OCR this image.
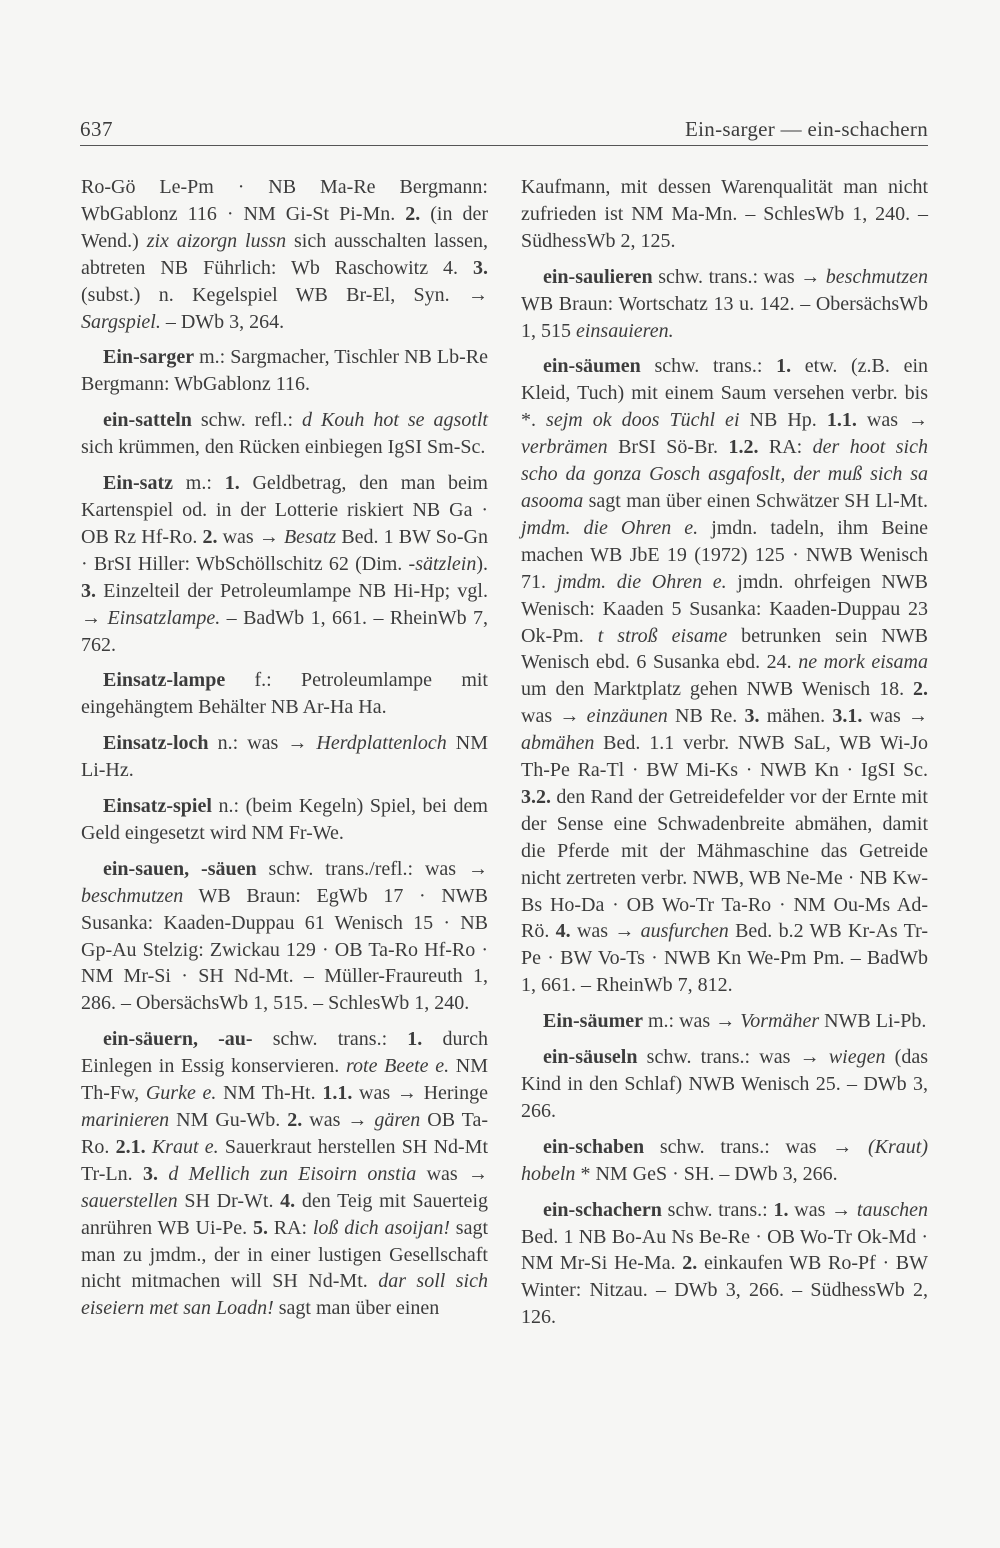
637	Ein-sarger — ein-schachern

Ro-Gö Le-Pm · NB Ma-Re Bergmann: WbGablonz 116 · NM Gi-St Pi-Mn. 2. (in der Wend.) zix aizorgn lussn sich ausschalten lassen, abtreten NB Führlich: Wb Raschowitz 4. 3. (subst.) n. Kegelspiel WB Br-El, Syn. → Sargspiel. – DWb 3, 264.

Ein-sarger m.: Sargmacher, Tischler NB Lb-Re Bergmann: WbGablonz 116.

ein-satteln schw. refl.: d Kouh hot se agsotlt sich krümmen, den Rücken einbiegen IgSI Sm-Sc.

Ein-satz m.: 1. Geldbetrag, den man beim Kartenspiel od. in der Lotterie riskiert NB Ga · OB Rz Hf-Ro. 2. was → Besatz Bed. 1 BW So-Gn · BrSI Hiller: WbSchöllschitz 62 (Dim. -sätzlein). 3. Einzelteil der Petroleumlampe NB Hi-Hp; vgl. → Einsatzlampe. – BadWb 1, 661. – RheinWb 7, 762.

Einsatz-lampe f.: Petroleumlampe mit eingehängtem Behälter NB Ar-Ha Ha.

Einsatz-loch n.: was → Herdplattenloch NM Li-Hz.

Einsatz-spiel n.: (beim Kegeln) Spiel, bei dem Geld eingesetzt wird NM Fr-We.

ein-sauen, -säuen schw. trans./refl.: was → beschmutzen WB Braun: EgWb 17 · NWB Susanka: Kaaden-Duppau 61 Wenisch 15 · NB Gp-Au Stelzig: Zwickau 129 · OB Ta-Ro Hf-Ro · NM Mr-Si · SH Nd-Mt. – Müller-Fraureuth 1, 286. – ObersächsWb 1, 515. – SchlesWb 1, 240.

ein-säuern, -au- schw. trans.: 1. durch Einlegen in Essig konservieren. rote Beete e. NM Th-Fw, Gurke e. NM Th-Ht. 1.1. was → Heringe marinieren NM Gu-Wb. 2. was → gären OB Ta-Ro. 2.1. Kraut e. Sauerkraut herstellen SH Nd-Mt Tr-Ln. 3. d Mellich zun Eisoirn onstia was → sauerstellen SH Dr-Wt. 4. den Teig mit Sauerteig anrühren WB Ui-Pe. 5. RA: loß dich asoijan! sagt man zu jmdm., der in einer lustigen Gesellschaft nicht mitmachen will SH Nd-Mt. dar soll sich eiseiern met san Loadn! sagt man über einen

Kaufmann, mit dessen Warenqualität man nicht zufrieden ist NM Ma-Mn. – SchlesWb 1, 240. – SüdhessWb 2, 125.

ein-saulieren schw. trans.: was → beschmutzen WB Braun: Wortschatz 13 u. 142. – ObersächsWb 1, 515 einsauieren.

ein-säumen schw. trans.: 1. etw. (z.B. ein Kleid, Tuch) mit einem Saum versehen verbr. bis *. sejm ok doos Tüchl ei NB Hp. 1.1. was → verbrämen BrSI Sö-Br. 1.2. RA: der hoot sich scho da gonza Gosch asgafoslt, der muß sich sa asooma sagt man über einen Schwätzer SH Ll-Mt. jmdm. die Ohren e. jmdn. tadeln, ihm Beine machen WB JbE 19 (1972) 125 · NWB Wenisch 71. jmdm. die Ohren e. jmdn. ohrfeigen NWB Wenisch: Kaaden 5 Susanka: Kaaden-Duppau 23 Ok-Pm. t stroß eisame betrunken sein NWB Wenisch ebd. 6 Susanka ebd. 24. ne mork eisama um den Marktplatz gehen NWB Wenisch 18. 2. was → einzäunen NB Re. 3. mähen. 3.1. was → abmähen Bed. 1.1 verbr. NWB SaL, WB Wi-Jo Th-Pe Ra-Tl · BW Mi-Ks · NWB Kn · IgSI Sc. 3.2. den Rand der Getreidefelder vor der Ernte mit der Sense eine Schwadenbreite abmähen, damit die Pferde mit der Mähmaschine das Getreide nicht zertreten verbr. NWB, WB Ne-Me · NB Kw-Bs Ho-Da · OB Wo-Tr Ta-Ro · NM Ou-Ms Ad-Rö. 4. was → ausfurchen Bed. b.2 WB Kr-As Tr-Pe · BW Vo-Ts · NWB Kn We-Pm Pm. – BadWb 1, 661. – RheinWb 7, 812.

Ein-säumer m.: was → Vormäher NWB Li-Pb.

ein-säuseln schw. trans.: was → wiegen (das Kind in den Schlaf) NWB Wenisch 25. – DWb 3, 266.

ein-schaben schw. trans.: was → (Kraut) hobeln * NM GeS · SH. – DWb 3, 266.

ein-schachern schw. trans.: 1. was → tauschen Bed. 1 NB Bo-Au Ns Be-Re · OB Wo-Tr Ok-Md · NM Mr-Si He-Ma. 2. einkaufen WB Ro-Pf · BW Winter: Nitzau. – DWb 3, 266. – SüdhessWb 2, 126.
